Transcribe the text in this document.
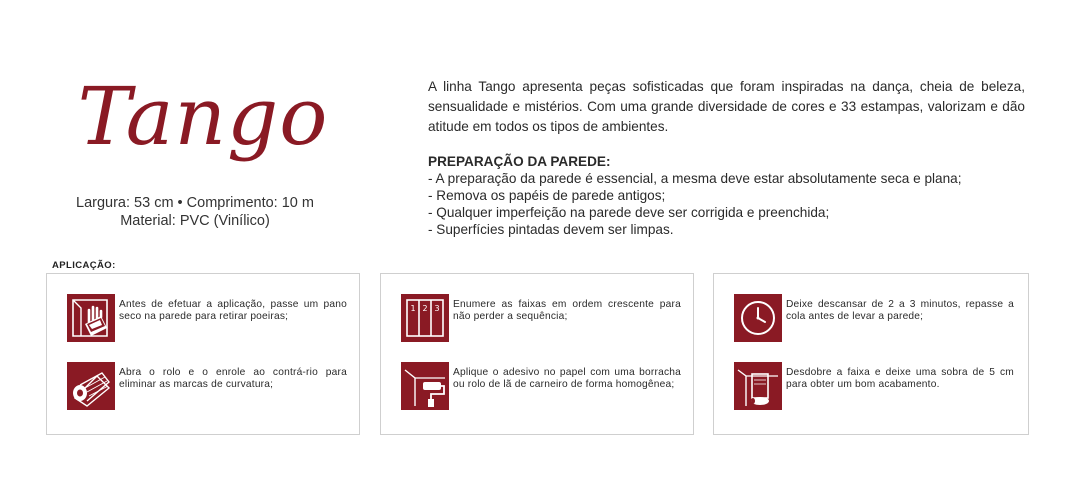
Tango
Largura: 53 cm • Comprimento: 10 m
Material: PVC (Vinílico)
A linha Tango apresenta peças sofisticadas que foram inspiradas na dança, cheia de beleza, sensualidade e mistérios. Com uma grande diversidade de cores e 33 estampas, valorizam e dão atitude em todos os tipos de ambientes.
PREPARAÇÃO DA PAREDE:
- A preparação da parede é essencial, a mesma deve estar absolutamente seca e plana;
- Remova os papéis de parede antigos;
- Qualquer imperfeição na parede deve ser corrigida e preenchida;
- Superfícies pintadas devem ser limpas.
APLICAÇÃO:
Antes de efetuar a aplicação, passe um pano seco na parede para retirar poeiras;
Abra o rolo e o enrole ao contrá-rio para eliminar as marcas de curvatura;
1 2 3 Enumere as faixas em ordem crescente para não perder a sequência;
Aplique o adesivo no papel com uma borracha ou rolo de lã de carneiro de forma homogênea;
Deixe descansar de 2 a 3 minutos, repasse a cola antes de levar a parede;
Desdobre a faixa e deixe uma sobra de 5 cm para obter um bom acabamento.
